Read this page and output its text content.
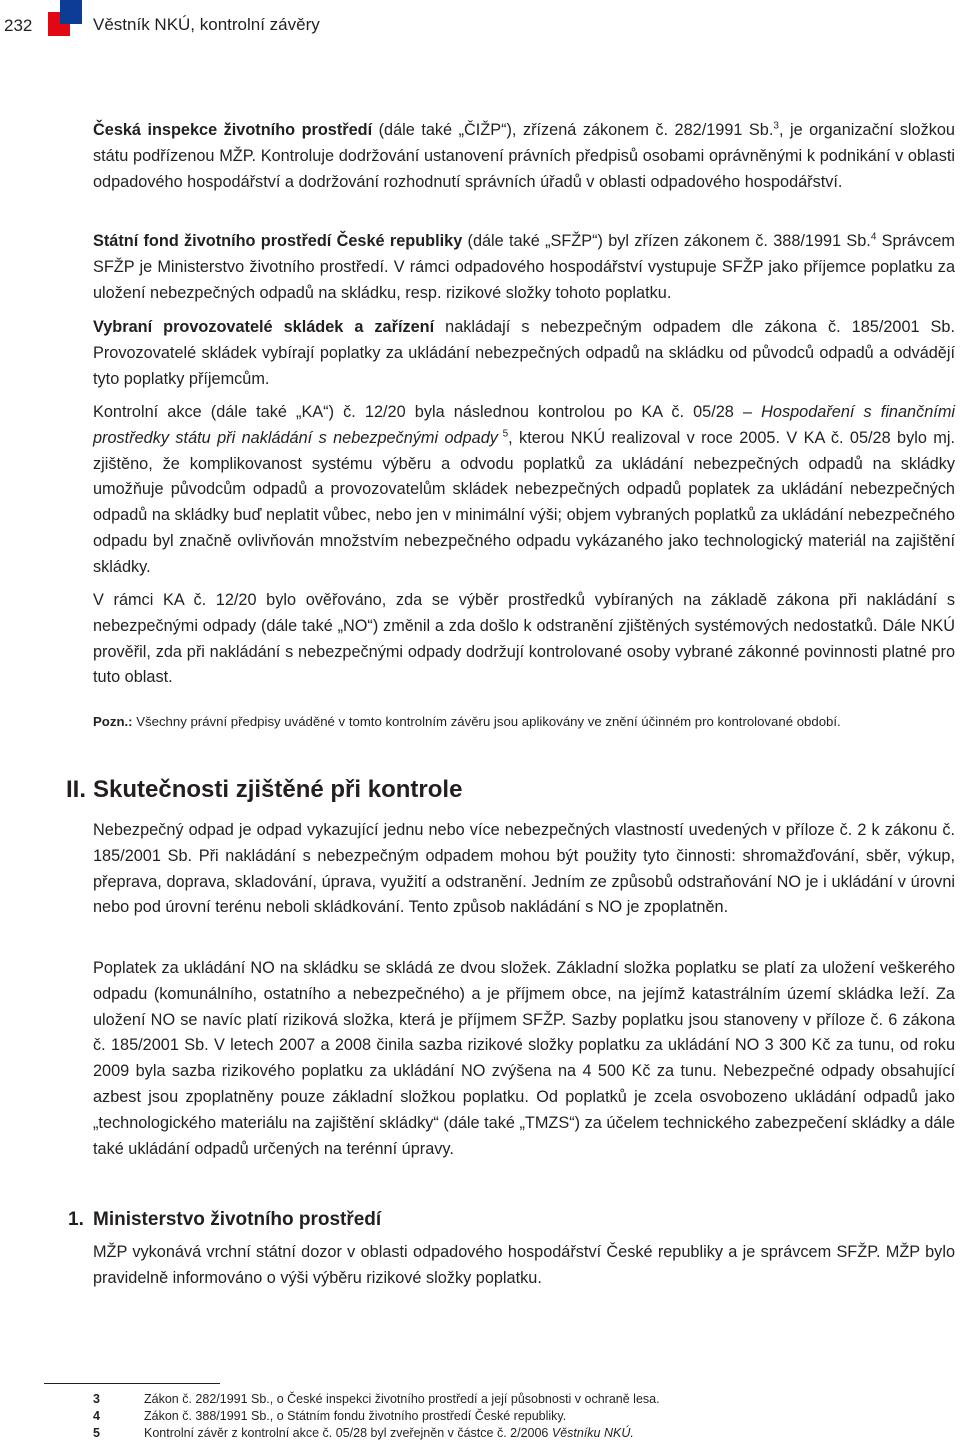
232	Věstník NKÚ, kontrolní závěry

Česká inspekce životního prostředí (dále také „ČIŽP“), zřízená zákonem č. 282/1991 Sb.$^3$, je organizační složkou státu podřízenou MŽP. Kontroluje dodržování ustanovení právních předpisů osobami oprávněnými k podnikání v oblasti odpadového hospodářství a dodržování rozhodnutí správních úřadů v oblasti odpadového hospodářství.

Státní fond životního prostředí České republiky (dále také „SFŽP“) byl zřízen zákonem č. 388/1991 Sb.$^4$ Správcem SFŽP je Ministerstvo životního prostředí. V rámci odpadového hospodářství vystupuje SFŽP jako příjemce poplatku za uložení nebezpečných odpadů na skládku, resp. rizikové složky tohoto poplatku.

Vybraní provozovatelé skládek a zařízení nakládají s nebezpečným odpadem dle zákona č. 185/2001 Sb. Provozovatelé skládek vybírají poplatky za ukládání nebezpečných odpadů na skládku od původců odpadů a odvádějí tyto poplatky příjemcům.

Kontrolní akce (dále také „KA“) č. 12/20 byla následnou kontrolou po KA č. 05/28 – Hospodaření s finančními prostředky státu při nakládání s nebezpečnými odpady $^5$, kterou NKÚ realizoval v roce 2005. V KA č. 05/28 bylo mj. zjištěno, že komplikovanost systému výběru a odvodu poplatků za ukládání nebezpečných odpadů na skládky umožňuje původcům odpadů a provozovatelům skládek nebezpečných odpadů poplatek za ukládání nebezpečných odpadů na skládky buď neplatit vůbec, nebo jen v minimální výši; objem vybraných poplatků za ukládání nebezpečného odpadu byl značně ovlivňován množstvím nebezpečného odpadu vykázaného jako technologický materiál na zajištění skládky.

V rámci KA č. 12/20 bylo ověřováno, zda se výběr prostředků vybíraných na základě zákona při nakládání s nebezpečnými odpady (dále také „NO“) změnil a zda došlo k odstranění zjištěných systémových nedostatků. Dále NKÚ prověřil, zda při nakládání s nebezpečnými odpady dodržují kontrolované osoby vybrané zákonné povinnosti platné pro tuto oblast.

Pozn.: Všechny právní předpisy uváděné v tomto kontrolním závěru jsou aplikovány ve znění účinném pro kontrolované období.
II. Skutečnosti zjištěné při kontrole

Nebezpečný odpad je odpad vykazující jednu nebo více nebezpečných vlastností uvedených v příloze č. 2 k zákonu č. 185/2001 Sb. Při nakládání s nebezpečným odpadem mohou být použity tyto činnosti: shromažďování, sběr, výkup, přeprava, doprava, skladování, úprava, využití a odstranění. Jedním ze způsobů odstraňování NO je i ukládání v úrovni nebo pod úrovní terénu neboli skládkování. Tento způsob nakládání s NO je zpoplatněn.

Poplatek za ukládání NO na skládku se skládá ze dvou složek. Základní složka poplatku se platí za uložení veškerého odpadu (komunálního, ostatního a nebezpečného) a je příjmem obce, na jejímž katastrálním území skládka leží. Za uložení NO se navíc platí riziková složka, která je příjmem SFŽP. Sazby poplatku jsou stanoveny v příloze č. 6 zákona č. 185/2001 Sb. V letech 2007 a 2008 činila sazba rizikové složky poplatku za ukládání NO 3 300 Kč za tunu, od roku 2009 byla sazba rizikového poplatku za ukládání NO zvýšena na 4 500 Kč za tunu. Nebezpečné odpady obsahující azbest jsou zpoplatněny pouze základní složkou poplatku. Od poplatků je zcela osvobozeno ukládání odpadů jako „technologického materiálu na zajištění skládky“ (dále také „TMZS“) za účelem technického zabezpečení skládky a dále také ukládání odpadů určených na terénní úpravy.

1. Ministerstvo životního prostředí

MŽP vykonává vrchní státní dozor v oblasti odpadového hospodářství České republiky a je správcem SFŽP. MŽP bylo pravidelně informováno o výši výběru rizikové složky poplatku.

3	Zákon č. 282/1991 Sb., o České inspekci životního prostředí a její působnosti v ochraně lesa.
4	Zákon č. 388/1991 Sb., o Státním fondu životního prostředí České republiky.
5	Kontrolní závěr z kontrolní akce č. 05/28 byl zveřejněn v částce č. 2/2006 Věstníku NKÚ.
